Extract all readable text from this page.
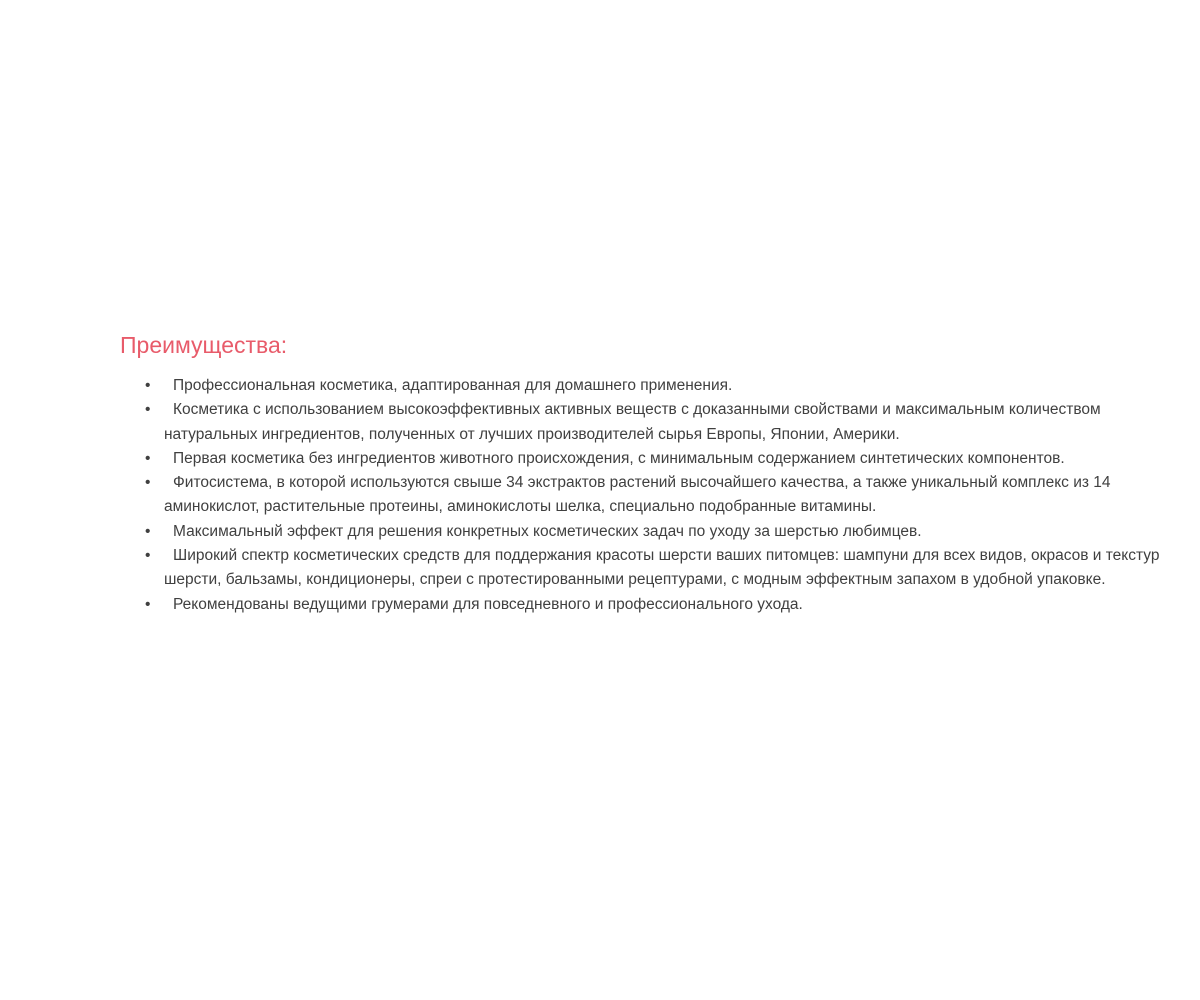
Преимущества:
• Профессиональная косметика, адаптированная для домашнего применения.
• Косметика с использованием высокоэффективных активных веществ с доказанными свойствами и максимальным количеством натуральных ингредиентов, полученных от лучших производителей сырья Европы, Японии, Америки.
• Первая косметика без ингредиентов животного происхождения, с минимальным содержанием синтетических компонентов.
• Фитосистема, в которой используются свыше 34 экстрактов растений высочайшего качества, а также уникальный комплекс из 14 аминокислот, растительные протеины, аминокислоты шелка, специально подобранные витамины.
• Максимальный эффект для решения конкретных косметических задач по уходу за шерстью любимцев.
• Широкий спектр косметических средств для поддержания красоты шерсти ваших питомцев: шампуни для всех видов, окрасов и текстур шерсти, бальзамы, кондиционеры, спреи с протестированными рецептурами, с модным эффектным запахом в удобной упаковке.
• Рекомендованы ведущими грумерами для повседневного и профессионального ухода.
